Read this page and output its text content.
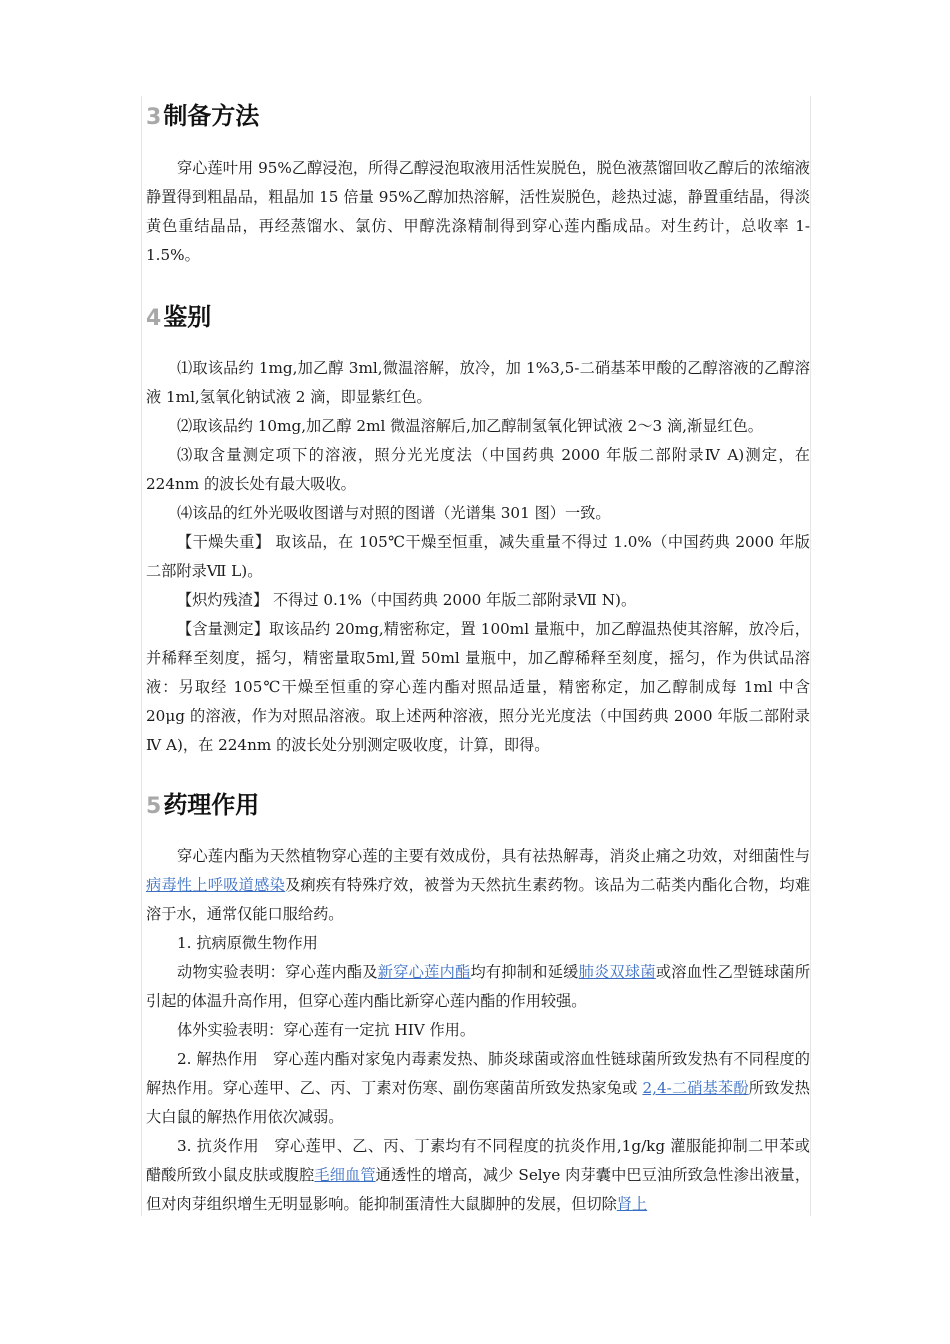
3制备方法

穿心莲叶用 95%乙醇浸泡，所得乙醇浸泡取液用活性炭脱色，脱色液蒸馏回收乙醇后的浓缩液静置得到粗晶品，粗晶加 15 倍量 95%乙醇加热溶解，活性炭脱色，趁热过滤，静置重结晶，得淡黄色重结晶品，再经蒸馏水、氯仿、甲醇洗涤精制得到穿心莲内酯成品。对生药计，总收率 1-1.5%。

4鉴别

⑴取该品约 1mg,加乙醇 3ml,微温溶解，放冷，加 1%3,5-二硝基苯甲酸的乙醇溶液的乙醇溶液 1ml,氢氧化钠试液 2 滴，即显紫红色。

⑵取该品约 10mg,加乙醇 2ml 微温溶解后,加乙醇制氢氧化钾试液 2～3 滴,渐显红色。

⑶取含量测定项下的溶液，照分光光度法（中国药典 2000 年版二部附录Ⅳ A)测定，在 224nm 的波长处有最大吸收。

⑷该品的红外光吸收图谱与对照的图谱（光谱集 301 图）一致。

【干燥失重】 取该品，在 105℃干燥至恒重，减失重量不得过 1.0%（中国药典 2000 年版二部附录Ⅶ L)。

【炽灼残渣】 不得过 0.1%（中国药典 2000 年版二部附录Ⅶ N)。

【含量测定】取该品约 20mg,精密称定，置 100ml 量瓶中，加乙醇温热使其溶解，放冷后，并稀释至刻度，摇匀，精密量取5ml,置 50ml 量瓶中，加乙醇稀释至刻度，摇匀，作为供试品溶液：另取经 105℃干燥至恒重的穿心莲内酯对照品适量，精密称定，加乙醇制成每 1ml 中含 20μg 的溶液，作为对照品溶液。取上述两种溶液，照分光光度法（中国药典 2000 年版二部附录Ⅳ A)，在 224nm 的波长处分别测定吸收度，计算，即得。

5药理作用

穿心莲内酯为天然植物穿心莲的主要有效成份，具有祛热解毒，消炎止痛之功效，对细菌性与病毒性上呼吸道感染及痢疾有特殊疗效，被誉为天然抗生素药物。该品为二萜类内酯化合物，均难溶于水，通常仅能口服给药。

1. 抗病原微生物作用

动物实验表明：穿心莲内酯及新穿心莲内酯均有抑制和延缓肺炎双球菌或溶血性乙型链球菌所引起的体温升高作用，但穿心莲内酯比新穿心莲内酯的作用较强。

体外实验表明：穿心莲有一定抗 HIV 作用。

2. 解热作用　穿心莲内酯对家兔内毒素发热、肺炎球菌或溶血性链球菌所致发热有不同程度的解热作用。穿心莲甲、乙、丙、丁素对伤寒、副伤寒菌苗所致发热家兔或 2,4-二硝基苯酚所致发热大白鼠的解热作用依次减弱。

3. 抗炎作用　穿心莲甲、乙、丙、丁素均有不同程度的抗炎作用,1g/kg 灌服能抑制二甲苯或醋酸所致小鼠皮肤或腹腔毛细血管通透性的增高，减少 Selye 肉芽囊中巴豆油所致急性渗出液量，但对肉芽组织增生无明显影响。能抑制蛋清性大鼠脚肿的发展，但切除肾上
